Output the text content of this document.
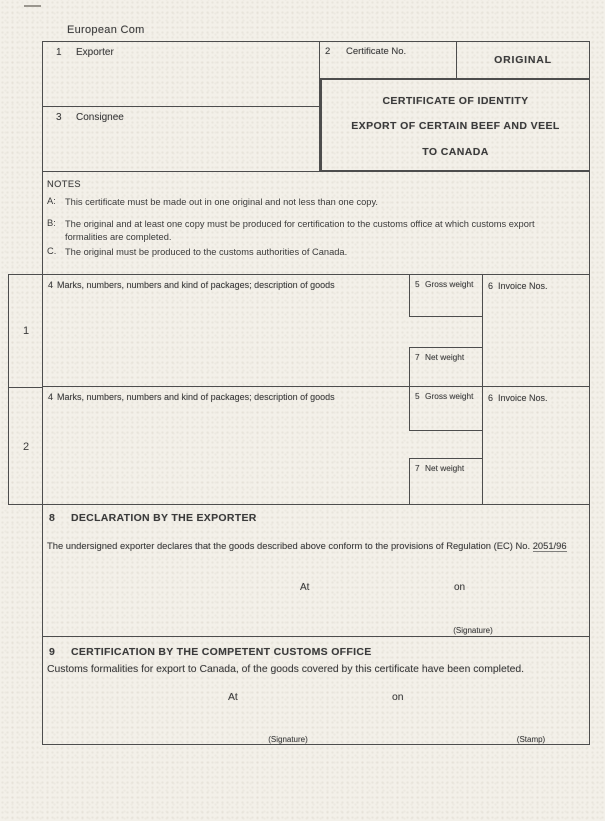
European Com
1
2
1	Exporter
3	Consignee
2	Certificate No.
ORIGINAL
CERTIFICATE OF IDENTITY
EXPORT OF CERTAIN BEEF AND VEEL
TO CANADA
NOTES
A: This certificate must be made out in one original and not less than one copy.
B: The original and at least one copy must be produced for certification to the customs office at which customs export formalities are completed.
C. The original must be produced to the customs authorities of Canada.
4 Marks, numbers, numbers and kind of packages; description of goods	5 Gross weight
7 Net weight
6 Invoice Nos.
4 Marks, numbers, numbers and kind of packages; description of goods	5 Gross weight
7 Net weight
6 Invoice Nos.
8	DECLARATION BY THE EXPORTER
The undersigned exporter declares that the goods described above conform to the provisions of Regulation (EC) No. 2051/96
At	on
(Signature)
9	CERTIFICATION BY THE COMPETENT CUSTOMS OFFICE
Customs formalities for export to Canada, of the goods covered by this certificate have been completed.
At	on
(Signature)	(Stamp)
